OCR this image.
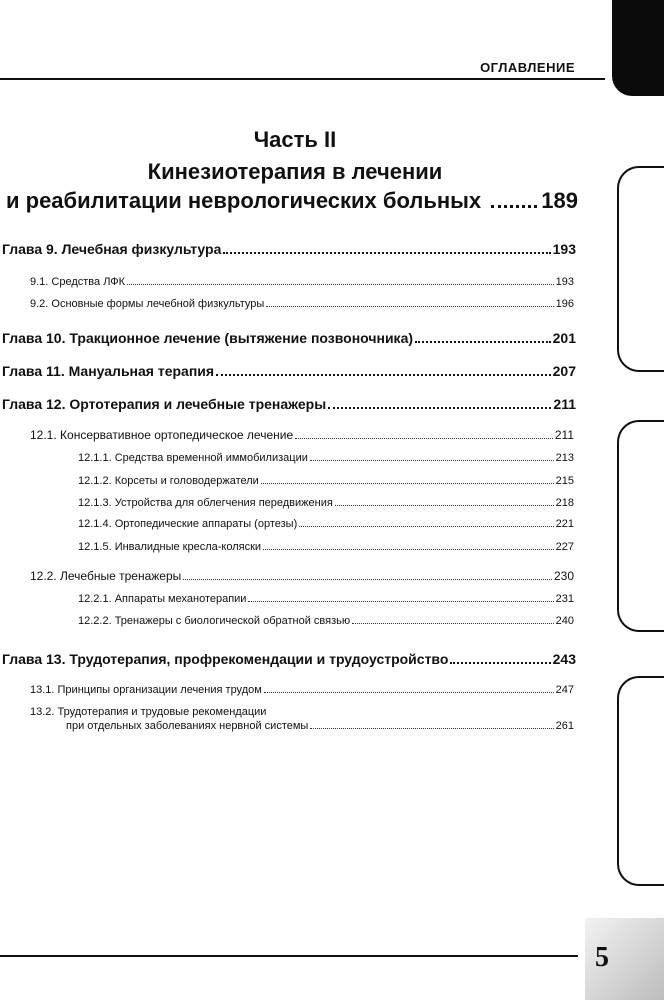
ОГЛАВЛЕНИЕ
Часть II
Кинезиотерапия в лечении
и реабилитации неврологических больных	189
Глава 9. Лечебная физкультура	193
9.1. Средства ЛФК	193
9.2. Основные формы лечебной физкультуры	196
Глава 10. Тракционное лечение (вытяжение позвоночника)	201
Глава 11. Мануальная терапия	207
Глава 12. Ортотерапия и лечебные тренажеры	211
12.1. Консервативное ортопедическое лечение	211
12.1.1. Средства временной иммобилизации	213
12.1.2. Корсеты и головодержатели	215
12.1.3. Устройства для облегчения передвижения	218
12.1.4. Ортопедические аппараты (ортезы)	221
12.1.5. Инвалидные кресла-коляски	227
12.2. Лечебные тренажеры	230
12.2.1. Аппараты механотерапии	231
12.2.2. Тренажеры с биологической обратной связью	240
Глава 13. Трудотерапия, профрекомендации и трудоустройство	243
13.1. Принципы организации лечения трудом	247
13.2. Трудотерапия и трудовые рекомендации
при отдельных заболеваниях нервной системы	261
5
